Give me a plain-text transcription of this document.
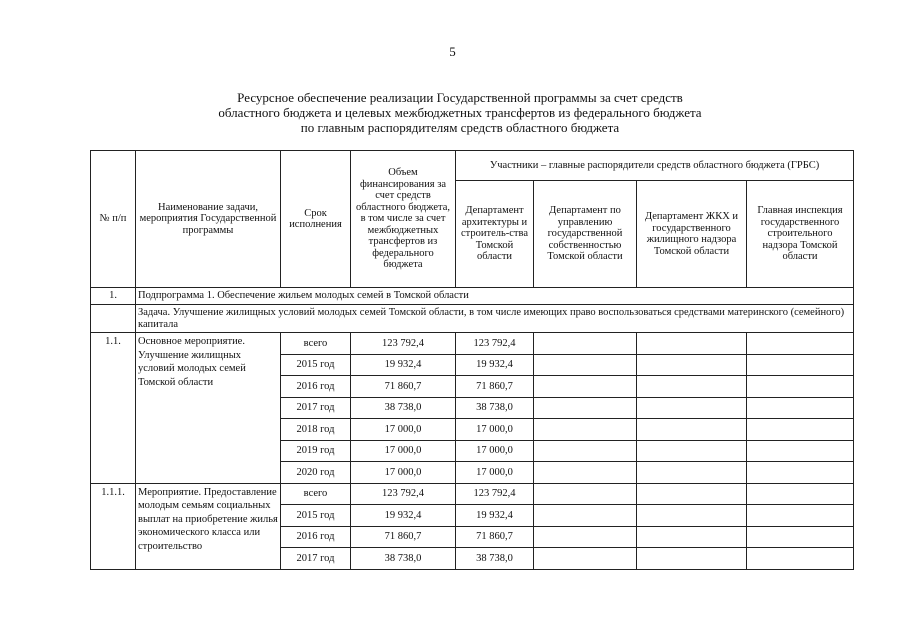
5
Ресурсное обеспечение реализации Государственной программы за счет средств
областного бюджета и целевых межбюджетных трансфертов из федерального бюджета
по главным распорядителям средств областного бюджета
№ п/п	Наименование задачи, мероприятия Государственной программы	Срок исполнения	Объем финансирования за счет средств областного бюджета, в том числе за счет межбюджетных трансфертов из федерального бюджета	Участники – главные распорядители средств областного бюджета (ГРБС)			
				Департамент архитектуры и строитель-ства Томской области	Департамент по управлению государственной собственностью Томской области	Департамент ЖКХ и государственного жилищного надзора Томской области	Главная инспекция государственного строительного надзора Томской области
1.	Подпрограмма 1. Обеспечение жильем молодых семей в Томской области						
	Задача. Улучшение жилищных условий молодых семей Томской области, в том числе имеющих право воспользоваться средствами материнского (семейного) капитала						
1.1.	Основное мероприятие. Улучшение жилищных условий молодых семей Томской области	всего	123 792,4	123 792,4			
		2015 год	19 932,4	19 932,4			
		2016 год	71 860,7	71 860,7			
		2017 год	38 738,0	38 738,0			
		2018 год	17 000,0	17 000,0			
		2019 год	17 000,0	17 000,0			
		2020 год	17 000,0	17 000,0			
1.1.1.	Мероприятие. Предоставление молодым семьям социальных выплат на приобретение жилья экономического класса или строительство	всего	123 792,4	123 792,4			
		2015 год	19 932,4	19 932,4			
		2016 год	71 860,7	71 860,7			
		2017 год	38 738,0	38 738,0			
